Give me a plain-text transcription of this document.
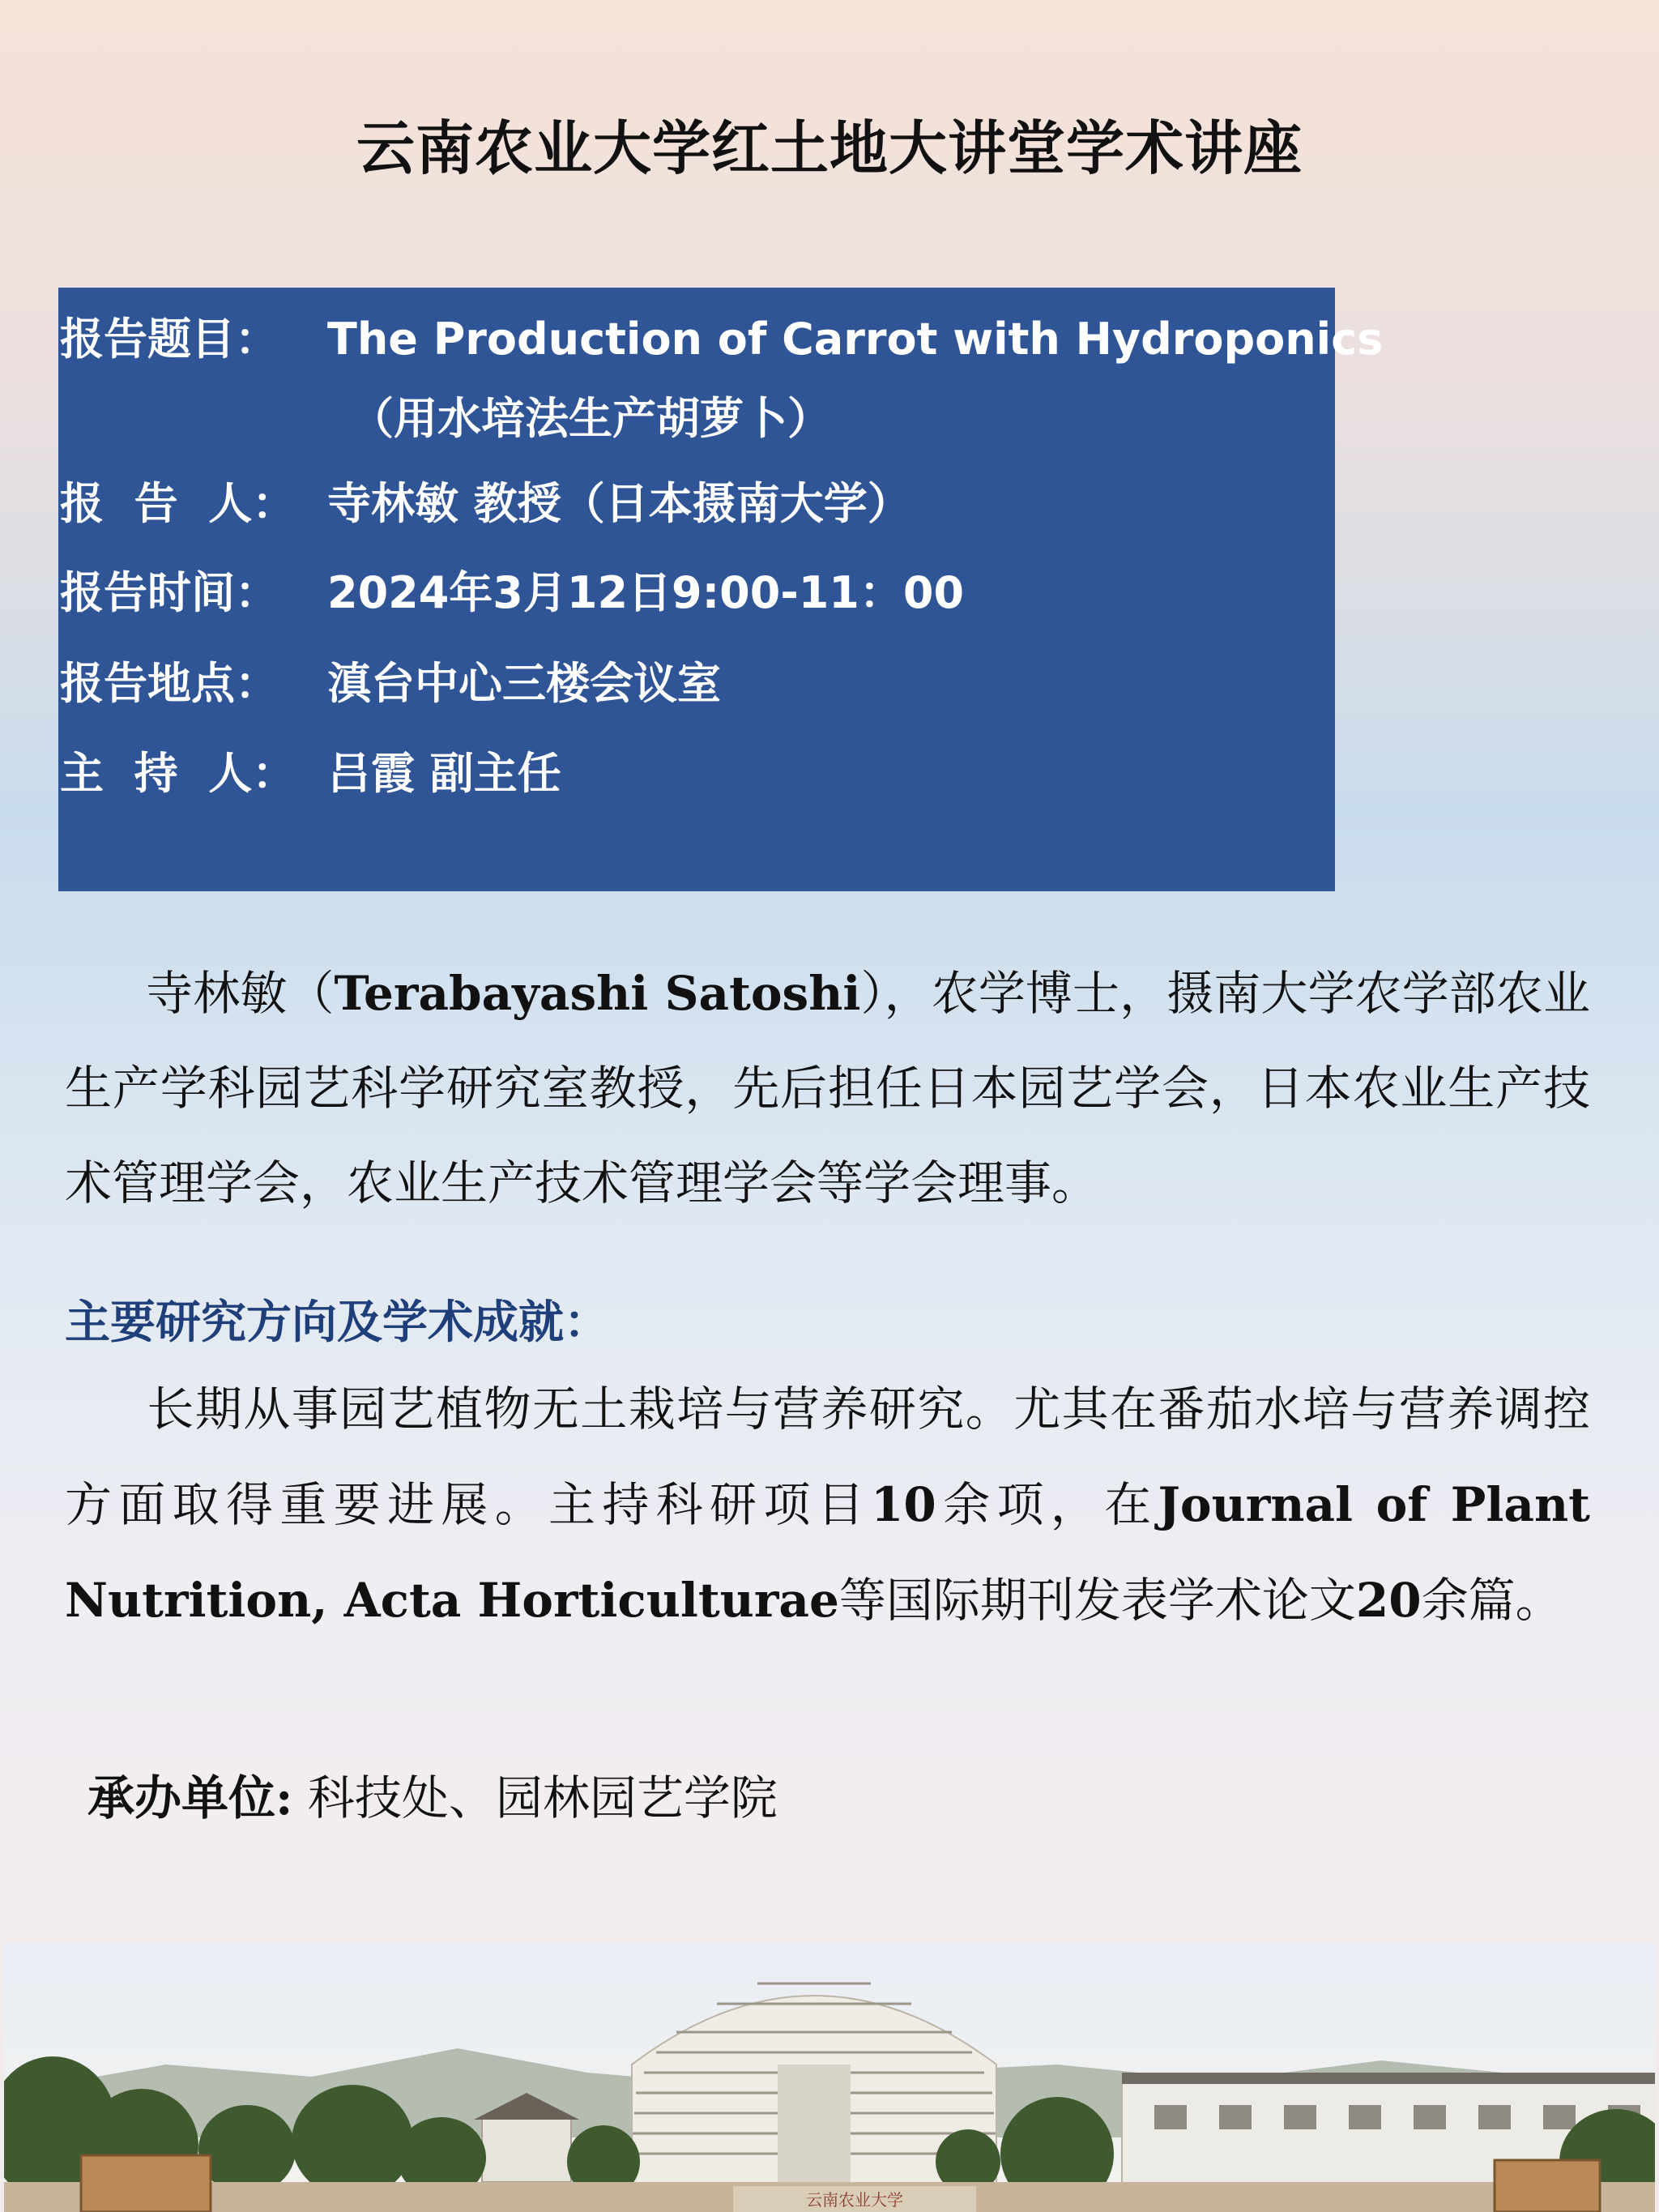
云南农业大学红土地大讲堂学术讲座
报告题目： The Production of Carrot with Hydroponics
（用水培法生产胡萝卜）
报  告  人： 寺林敏 教授（日本摄南大学）
报告时间： 2024年3月12日9:00-11：00
报告地点： 滇台中心三楼会议室
主  持  人： 吕霞 副主任
寺林敏（Terabayashi Satoshi），农学博士，摄南大学农学部农业生产学科园艺科学研究室教授，先后担任日本园艺学会，日本农业生产技术管理学会，农业生产技术管理学会等学会理事。
主要研究方向及学术成就：
长期从事园艺植物无土栽培与营养研究。尤其在番茄水培与营养调控方面取得重要进展。主持科研项目10余项，在Journal of Plant Nutrition, Acta Horticulturae等国际期刊发表学术论文20余篇。
承办单位: 科技处、园林园艺学院
云南农业大学
